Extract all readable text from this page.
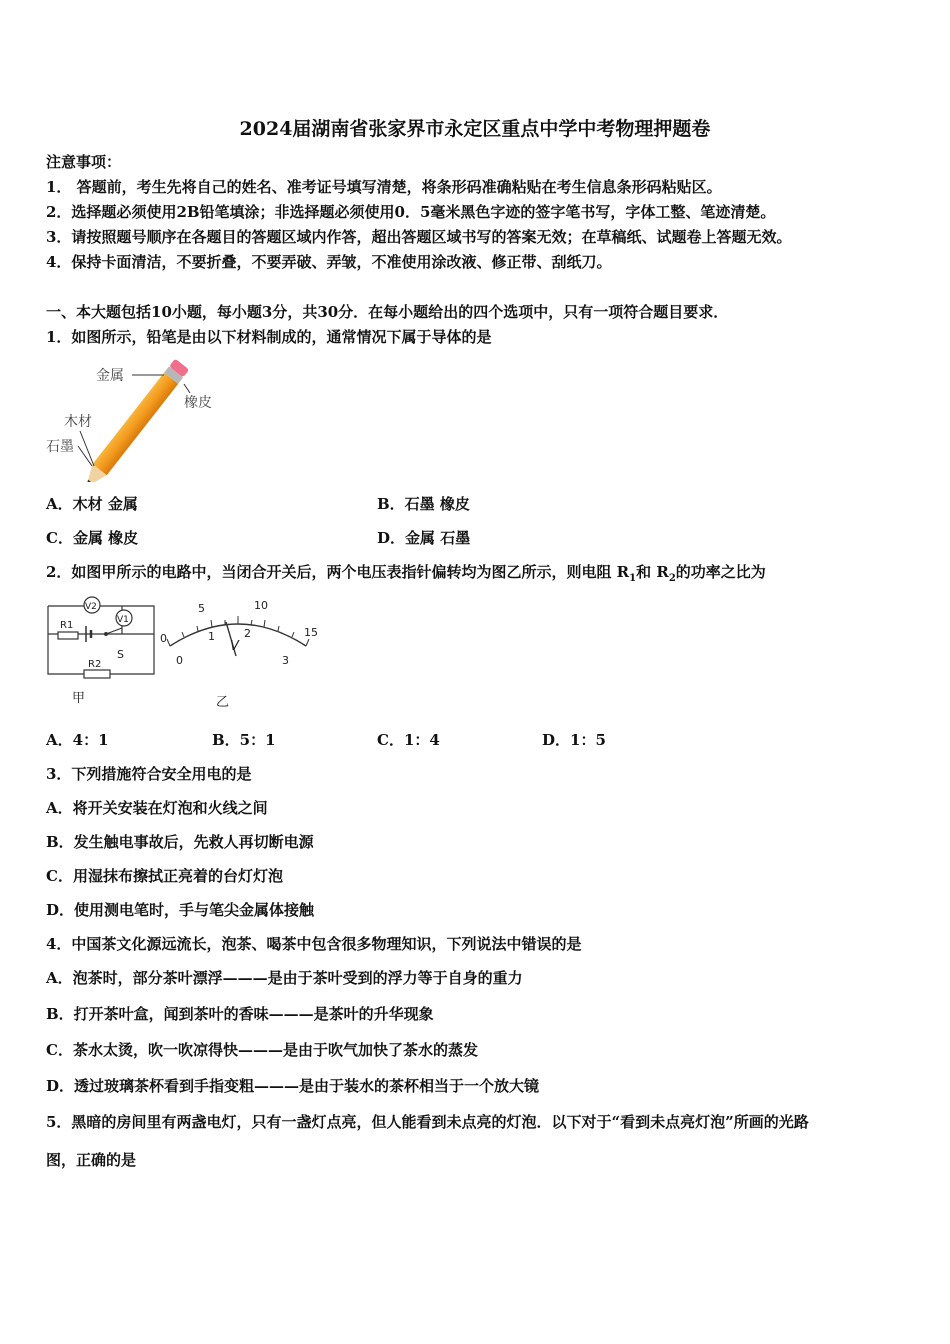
2024届湖南省张家界市永定区重点中学中考物理押题卷
注意事项：
1． 答题前，考生先将自己的姓名、准考证号填写清楚，将条形码准确粘贴在考生信息条形码粘贴区。
2．选择题必须使用2B铅笔填涂；非选择题必须使用0．5毫米黑色字迹的签字笔书写，字体工整、笔迹清楚。
3．请按照题号顺序在各题目的答题区域内作答，超出答题区域书写的答案无效；在草稿纸、试题卷上答题无效。
4．保持卡面清洁，不要折叠，不要弄破、弄皱，不准使用涂改液、修正带、刮纸刀。
一、本大题包括10小题，每小题3分，共30分．在每小题给出的四个选项中，只有一项符合题目要求．
1．如图所示，铅笔是由以下材料制成的，通常情况下属于导体的是
金属
橡皮
木材
石墨
A．木材 金属	B．石墨 橡皮
C．金属 橡皮	D．金属 石墨
2．如图甲所示的电路中，当闭合开关后，两个电压表指针偏转均为图乙所示，则电阻 $R_1$和 $R_2$的功率之比为
V2
V1
R1
R2
S
甲
5	10
15
0
0
1	2
3
V
乙
A．4：1	B．5：1	C．1：4	D．1：5
3．下列措施符合安全用电的是
A．将开关安装在灯泡和火线之间
B．发生触电事故后，先救人再切断电源
C．用湿抹布擦拭正亮着的台灯灯泡
D．使用测电笔时，手与笔尖金属体接触
4．中国茶文化源远流长，泡茶、喝茶中包含很多物理知识，下列说法中错误的是
A．泡茶时，部分茶叶漂浮———是由于茶叶受到的浮力等于自身的重力
B．打开茶叶盒，闻到茶叶的香味———是茶叶的升华现象
C．茶水太烫，吹一吹凉得快———是由于吹气加快了茶水的蒸发
D．透过玻璃茶杯看到手指变粗———是由于装水的茶杯相当于一个放大镜
5．黑暗的房间里有两盏电灯，只有一盏灯点亮，但人能看到未点亮的灯泡．以下对于“看到未点亮灯泡”所画的光路
图，正确的是
